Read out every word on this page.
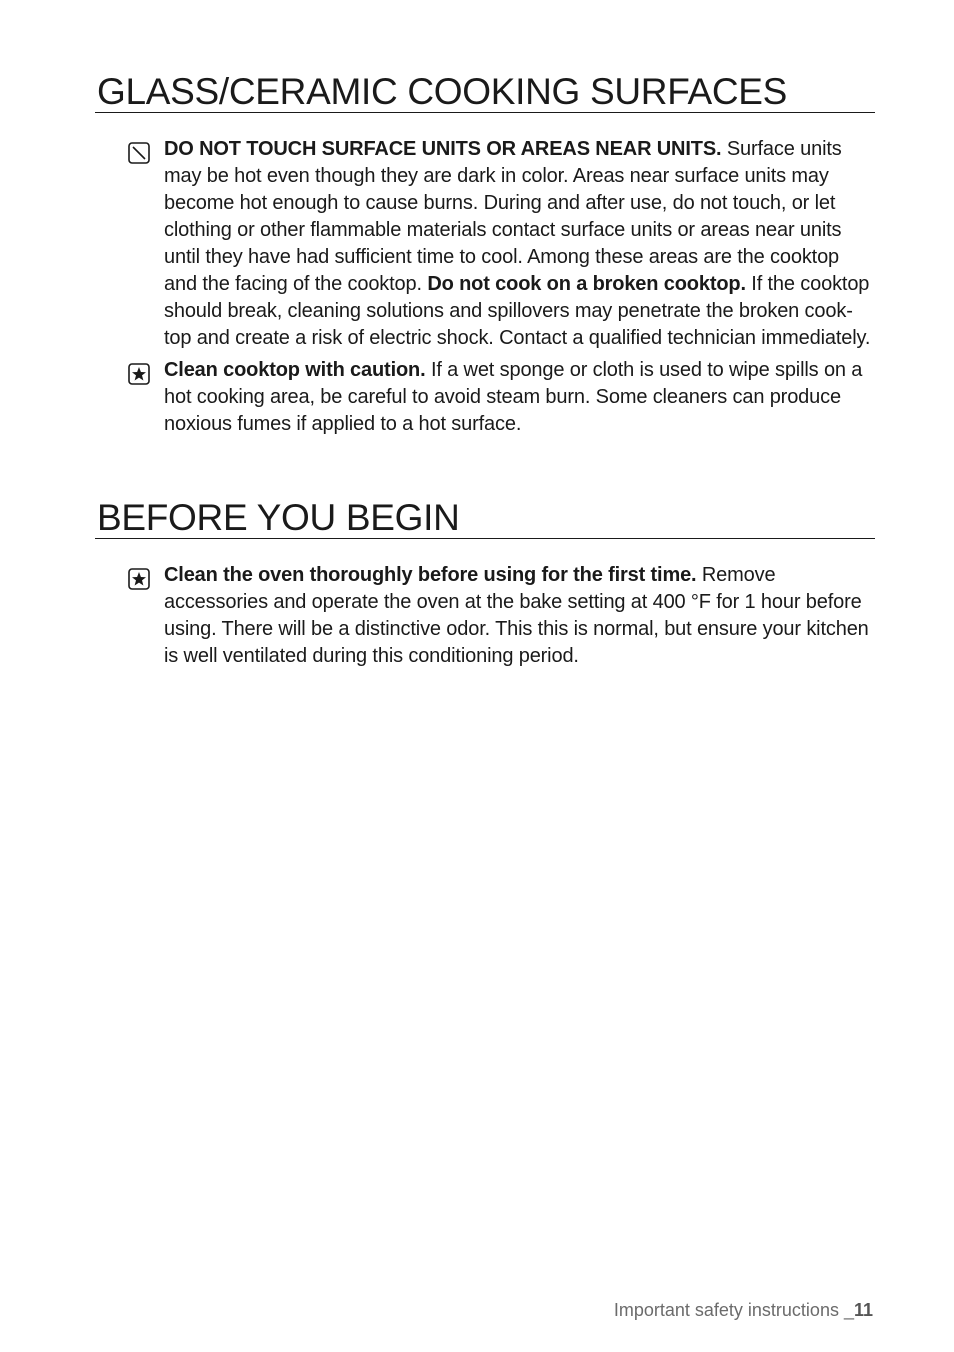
GLASS/CERAMIC COOKING SURFACES
DO NOT TOUCH SURFACE UNITS OR AREAS NEAR UNITS. Surface units may be hot even though they are dark in color. Areas near surface units may become hot enough to cause burns. During and after use, do not touch, or let clothing or other flammable materials contact surface units or areas near units until they have had sufficient time to cool. Among these areas are the cooktop and the facing of the cooktop. Do not cook on a broken cooktop. If the cooktop should break, cleaning solutions and spillovers may penetrate the broken cook-top and create a risk of electric shock. Contact a qualified technician immediately.
Clean cooktop with caution. If a wet sponge or cloth is used to wipe spills on a hot cooking area, be careful to avoid steam burn. Some cleaners can produce noxious fumes if applied to a hot surface.
BEFORE YOU BEGIN
Clean the oven thoroughly before using for the first time. Remove accessories and operate the oven at the bake setting at 400 °F for 1 hour before using. There will be a distinctive odor. This this is normal, but ensure your kitchen is well ventilated during this conditioning period.
Important safety instructions _11
